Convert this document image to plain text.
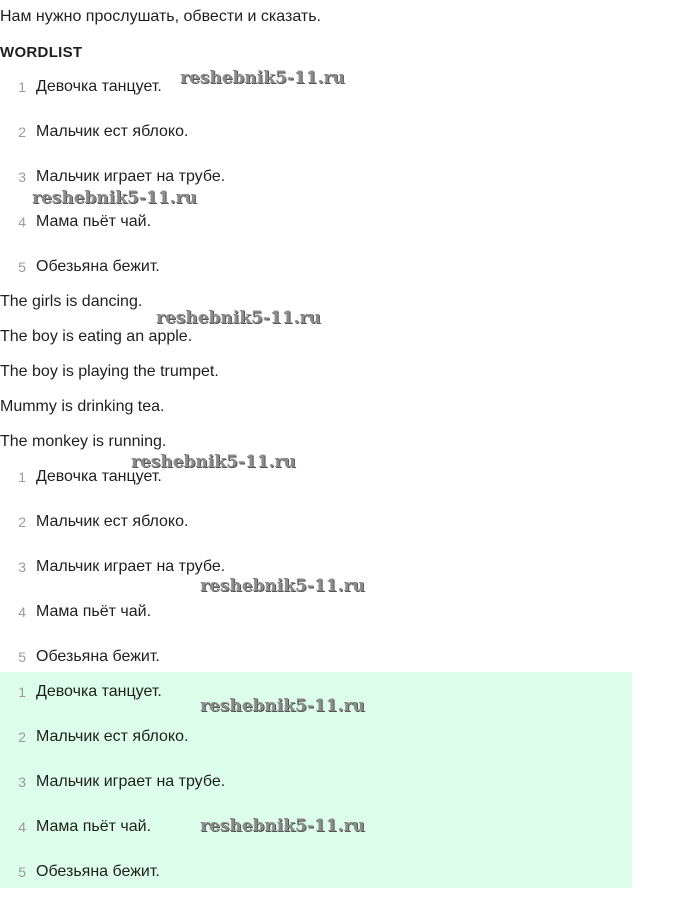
Нам нужно прослушать, обвести и сказать.

WORDLIST
1 Девочка танцует.
2 Мальчик ест яблоко.
3 Мальчик играет на трубе.
4 Мама пьёт чай.
5 Обезьяна бежит.

The girls is dancing.

The boy is eating an apple.

The boy is playing the trumpet.

Mummy is drinking tea.

The monkey is running.

1 Девочка танцует.
2 Мальчик ест яблоко.
3 Мальчик играет на трубе.
4 Мама пьёт чай.
5 Обезьяна бежит.
1 Девочка танцует.
2 Мальчик ест яблоко.
3 Мальчик играет на трубе.
4 Мама пьёт чай.
5 Обезьяна бежит.
reshebnik5-11.ru
reshebnik5-11.ru
reshebnik5-11.ru
reshebnik5-11.ru
reshebnik5-11.ru
reshebnik5-11.ru
reshebnik5-11.ru
